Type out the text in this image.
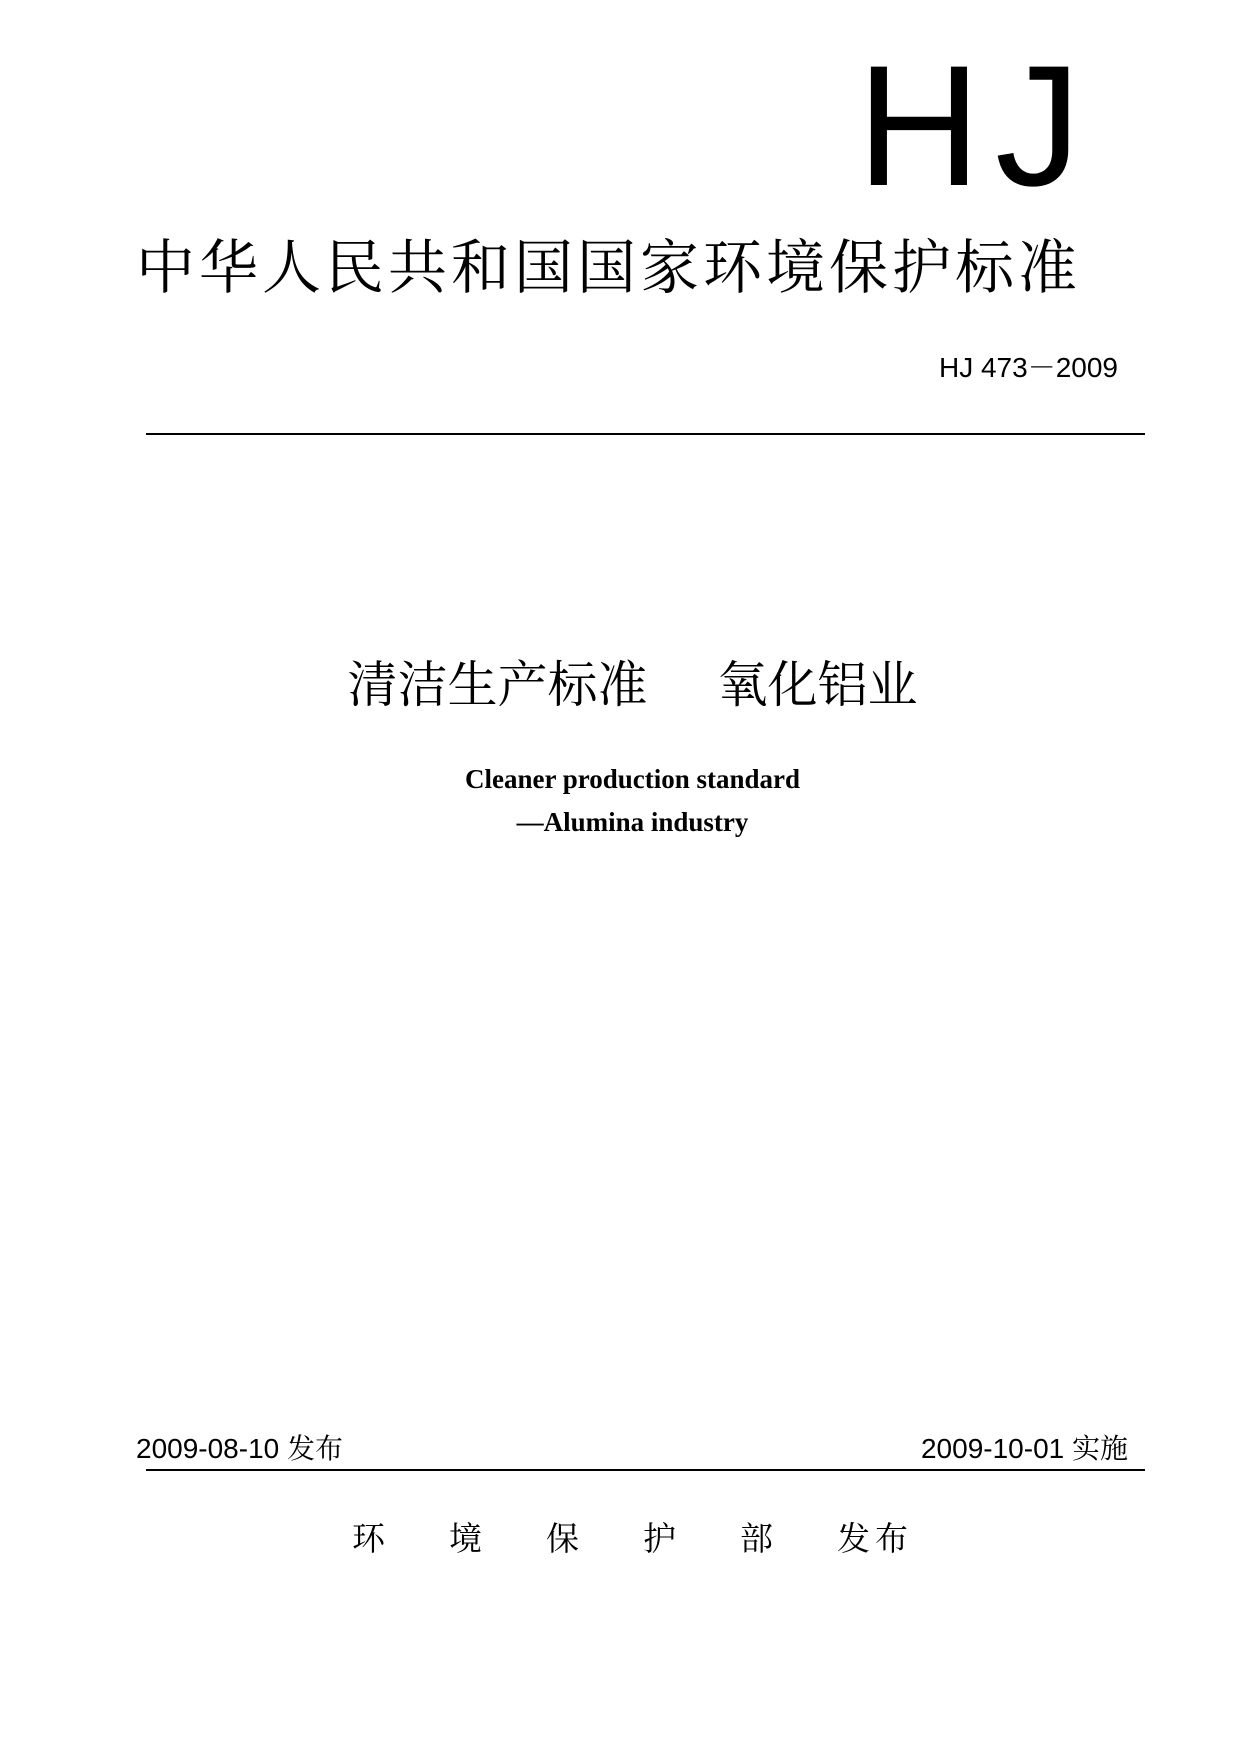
HJ
中华人民共和国国家环境保护标准
HJ 473－2009
清洁生产标准 氧化铝业
Cleaner production standard
—Alumina industry
2009-08-10 发布	2009-10-01 实施
环境保护部发布
